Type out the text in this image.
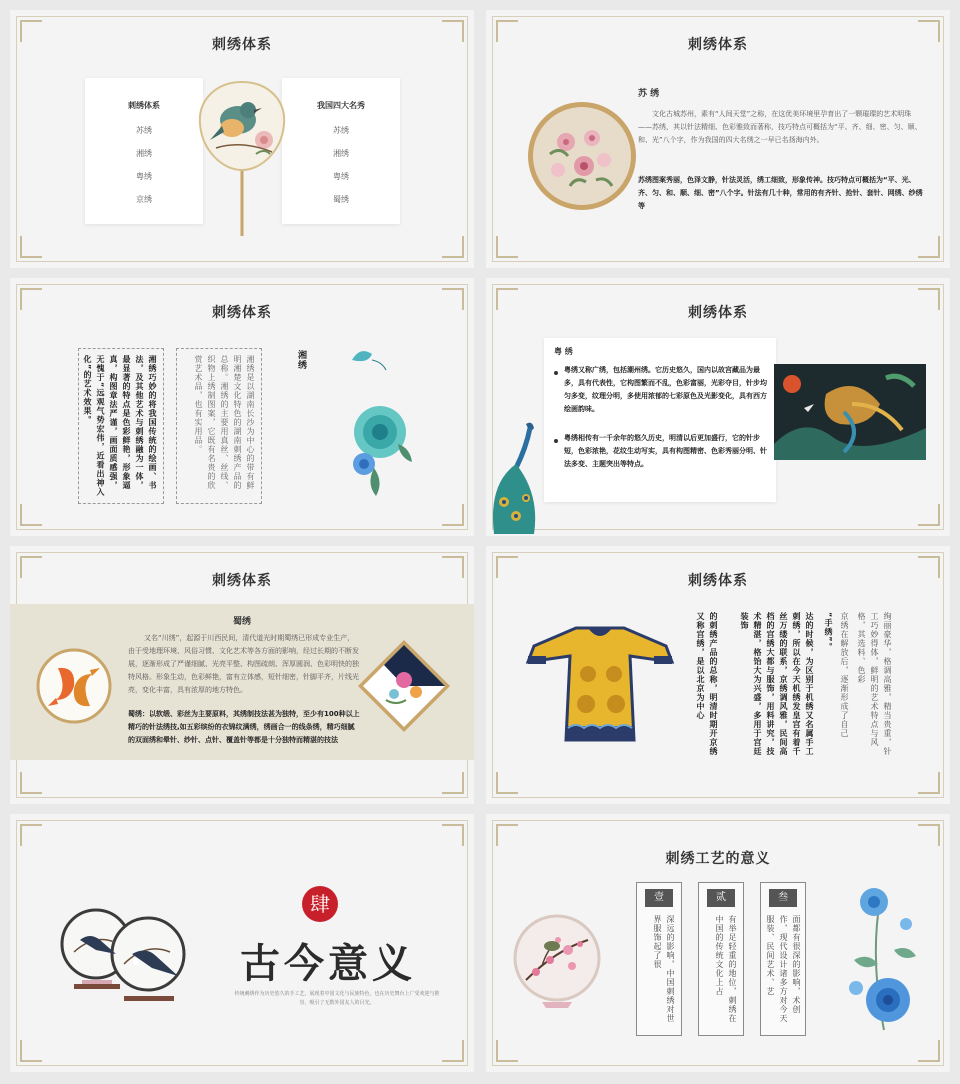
刺绣体系
刺绣体系
苏绣
湘绣
粤绣
京绣
我国四大名秀
苏绣
湘绣
粤绣
蜀绣
刺绣体系
苏 绣
文化古城苏州，素有“人间天堂”之称，在这优美环境里孕育出了一颗璀璨的艺术明珠——苏绣，其以针法精细、色彩雅致而著称，技巧特点可概括为“平、齐、细、密、匀、顺、和、光”八个字，作为我国的四大名绣之一早已名扬海内外。
苏绣图案秀丽，色泽文静，针法灵活，绣工细致，形象传神。技巧特点可概括为“平、光、齐、匀、和、顺、细、密”八个字。针法有几十种，常用的有齐针、抢针、套针、网绣、纱绣等
刺绣体系
湘绣巧妙的将我国传统的绘画、书法，及其他艺术与刺绣融为一体，最显著的特点是色彩鲜艳，形象逼真，构图章法严谨，画面质感强，无愧于“远观气势宏伟，近看出神入化”的艺术效果。	湘绣是以湖南长沙为中心的带有鲜明湘楚文化特色的湖南刺绣产品的总称。湘绣的主要用真丝、丝线、织物上绣制图案，它既有名贵的欣赏艺术品，也有实用品。	湘绣
刺绣体系
粤 绣
粤绣又称广绣，包括潮州绣。它历史悠久，国内以故宫藏品为最多，具有代表性，它构图繁而不乱，色彩富丽，光彩夺目，针步均匀多变，纹理分明，多使用浓郁的七彩原色及光影变化，具有西方绘画韵味。
粤绣相传有一千余年的悠久历史，明清以后更加盛行，它的针步短，色彩浓艳，花纹生动写实，具有构图精密、色彩秀丽分明、针法多变、主题突出等特点。
刺绣体系
蜀绣
又名“川绣”，起源于川西民间，清代道光时期蜀绣已形成专业生产，由于受地理环境、风俗习惯、文化艺术等各方面的影响，经过长期的不断发展，逐渐形成了严谨细腻、光亮平整、构图疏朗、浑厚圆润、色彩明快的独特风格。形象生动，色彩鲜艳，富有立体感，短针细密，针脚平齐，片线光亮，变化丰富，具有浓厚的地方特色。
蜀绣：以软缎、彩丝为主要原料，其绣制技法甚为独特，至少有100种以上精巧的针法绣技,如五彩缤纷的衣锦纹满绣，绣画合一的线条绣，精巧细腻的双面绣和晕针、纱针、点针、覆盖针等都是十分独特而精湛的技法
刺绣体系
绚丽豪华，格调高雅，精当贵重，针工巧妙得体，鲜明的艺术特点与风格，其选料、色彩
京绣在解放后，逐渐形成了自己
“手绣”。
达的时候，为区别于机绣又名属手工刺绣，所以在今天机绣发皇宫有着千丝万缕的联系，京绣调风雅，民间高档的宫绣大都与服饰，用料讲究，技术精湛，格饴大为兴盛，多用于宫廷装饰
的刺绣产品的总称，明清时期开京绣又称宫绣，是以北京为中心
肆
古今意义
传统刺绣作为历史悠久的手工艺，展现着中国文化与民族特色，也在历史舞台上广受欢迎与推崇，吸引了无数外国友人的目光。
刺绣工艺的意义
壹
深远的影响，中国刺绣对世界服饰起了很
贰
有举足轻重的地位，刺绣在中国的传统文化上占
叁
面都有很深的影响，术创作，现代设计诸多方对今天服装、民间艺术、艺
